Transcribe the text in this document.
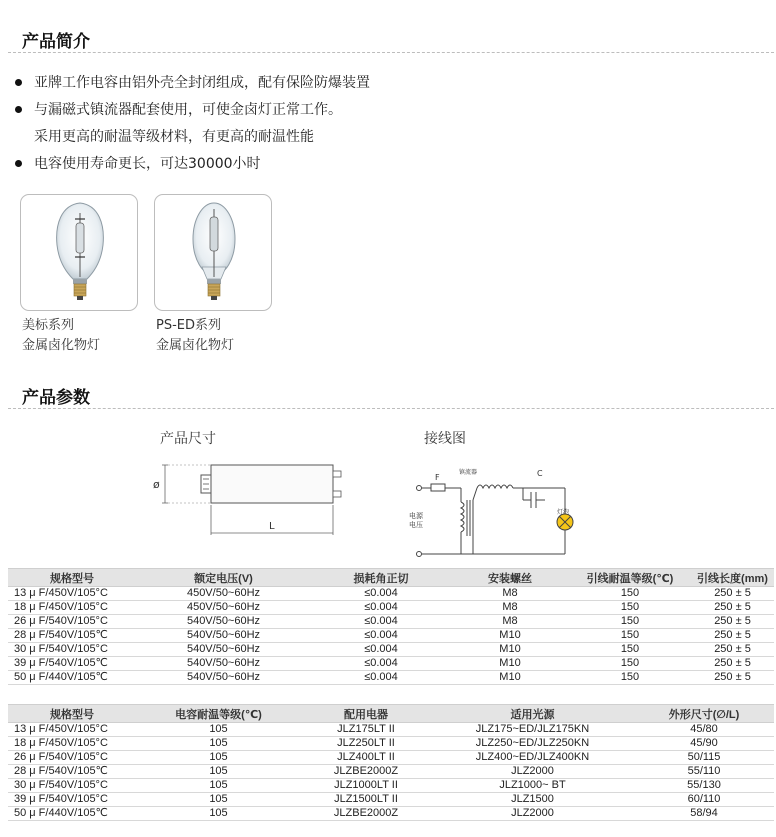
产品简介
亚牌工作电容由铝外壳全封闭组成，配有保险防爆装置
与漏磁式镇流器配套使用，可使金卤灯正常工作。
采用更高的耐温等级材料，有更高的耐温性能
电容使用寿命更长，可达30000小时
美标系列
金属卤化物灯
PS-ED系列
金属卤化物灯
产品参数
产品尺寸	接线图
ø
L
F
镇流器	C
电源
电压
灯泡
规格型号	额定电压(V)	损耗角正切	安装螺丝	引线耐温等级(℃)	引线长度(mm)
13 μ F/450V/105°C	450V/50~60Hz	≤0.004	M8	150	250 ± 5
18 μ F/450V/105°C	450V/50~60Hz	≤0.004	M8	150	250 ± 5
26 μ F/540V/105°C	540V/50~60Hz	≤0.004	M8	150	250 ± 5
28 μ F/540V/105℃	540V/50~60Hz	≤0.004	M10	150	250 ± 5
30 μ F/540V/105°C	540V/50~60Hz	≤0.004	M10	150	250 ± 5
39 μ F/540V/105℃	540V/50~60Hz	≤0.004	M10	150	250 ± 5
50 μ F/440V/105℃	540V/50~60Hz	≤0.004	M10	150	250 ± 5
规格型号	电容耐温等级(℃)	配用电器	适用光源	外形尺寸(∅/L)
13 μ F/450V/105°C	105	JLZ175LT II	JLZ175~ED/JLZ175KN	45/80
18 μ F/450V/105°C	105	JLZ250LT II	JLZ250~ED/JLZ250KN	45/90
26 μ F/540V/105°C	105	JLZ400LT II	JLZ400~ED/JLZ400KN	50/115
28 μ F/540V/105℃	105	JLZBE2000Z	JLZ2000	55/110
30 μ F/540V/105°C	105	JLZ1000LT II	JLZ1000~ BT	55/130
39 μ F/540V/105°C	105	JLZ1500LT II	JLZ1500	60/110
50 μ F/440V/105℃	105	JLZBE2000Z	JLZ2000	58/94
